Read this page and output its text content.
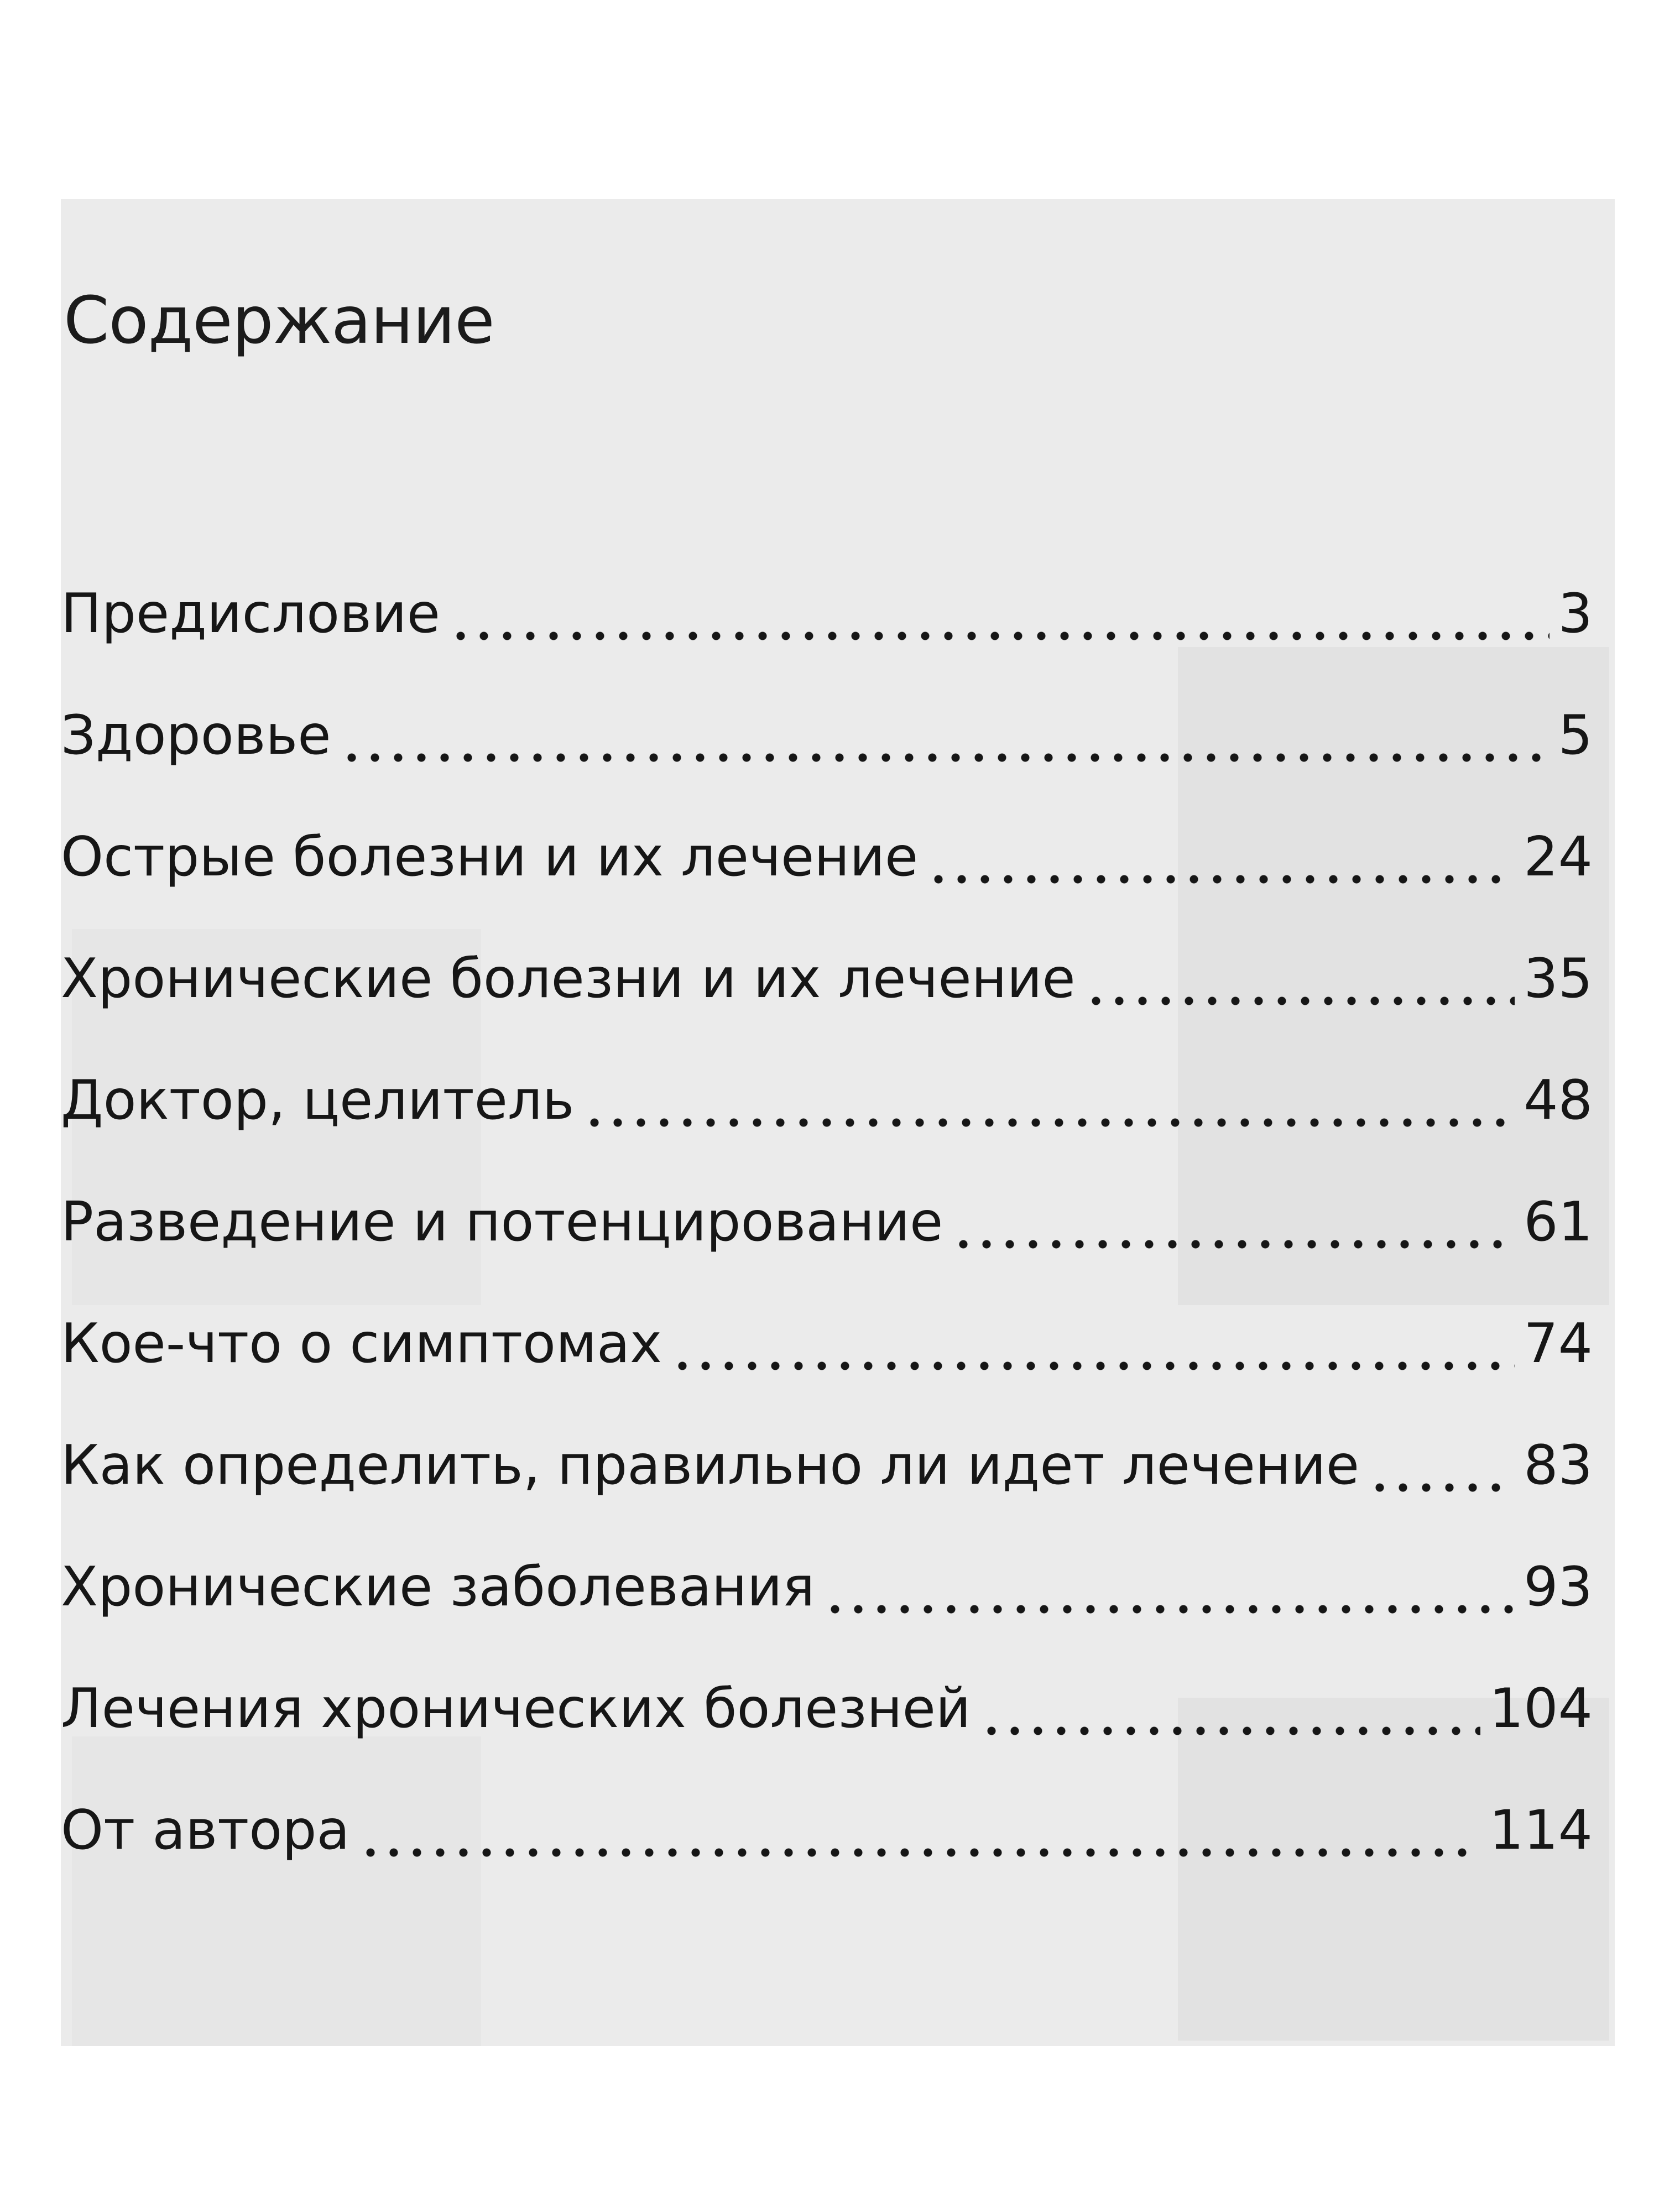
Содержание
Предисловие	3
Здоровье	5
Острые болезни и их лечение	24
Хронические болезни и их лечение	35
Доктор, целитель	48
Разведение и потенцирование	61
Кое-что о симптомах	74
Как определить, правильно ли идет лечение	83
Хронические заболевания	93
Лечения хронических болезней	104
От автора	114
